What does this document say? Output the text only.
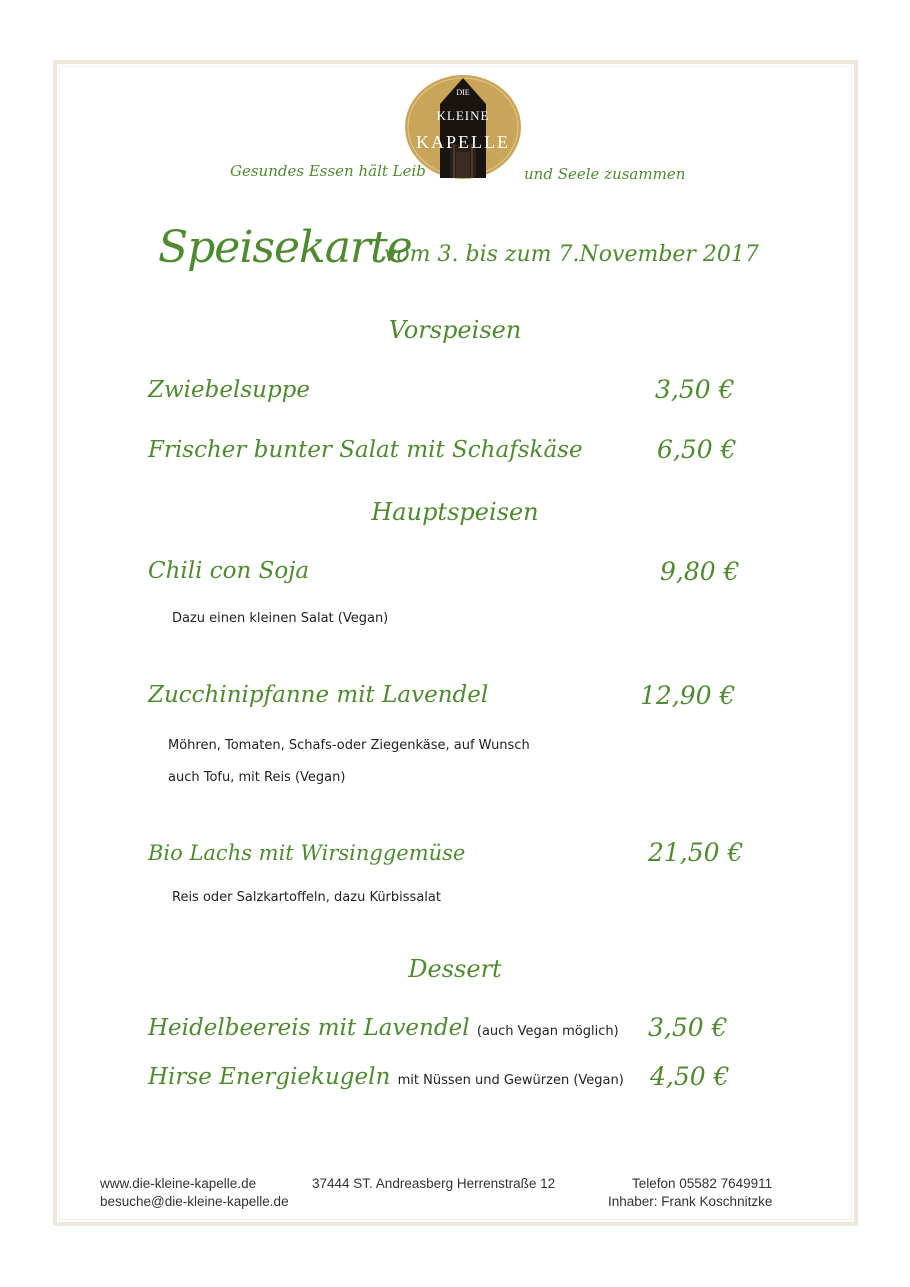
DIE
KLEINE
KAPELLE
Gesundes Essen hält Leib	und Seele zusammen
Speisekarte
vom 3. bis zum 7.November 2017
Vorspeisen
Zwiebelsuppe	3,50 €
Frischer bunter Salat mit Schafskäse	6,50 €
Hauptspeisen
Chili con Soja	9,80 €
Dazu einen kleinen Salat (Vegan)
Zucchinipfanne mit Lavendel	12,90 €
Möhren, Tomaten, Schafs-oder Ziegenkäse, auf Wunsch
auch Tofu, mit Reis (Vegan)
Bio Lachs mit Wirsinggemüse	21,50 €
Reis oder Salzkartoffeln, dazu Kürbissalat
Dessert
Heidelbeereis mit Lavendel (auch Vegan möglich) 3,50 €
Hirse Energiekugeln mit Nüssen und Gewürzen (Vegan) 4,50 €
www.die-kleine-kapelle.de
besuche@die-kleine-kapelle.de
37444 ST. Andreasberg Herrenstraße 12	Telefon 05582 7649911
Inhaber: Frank Koschnitzke
